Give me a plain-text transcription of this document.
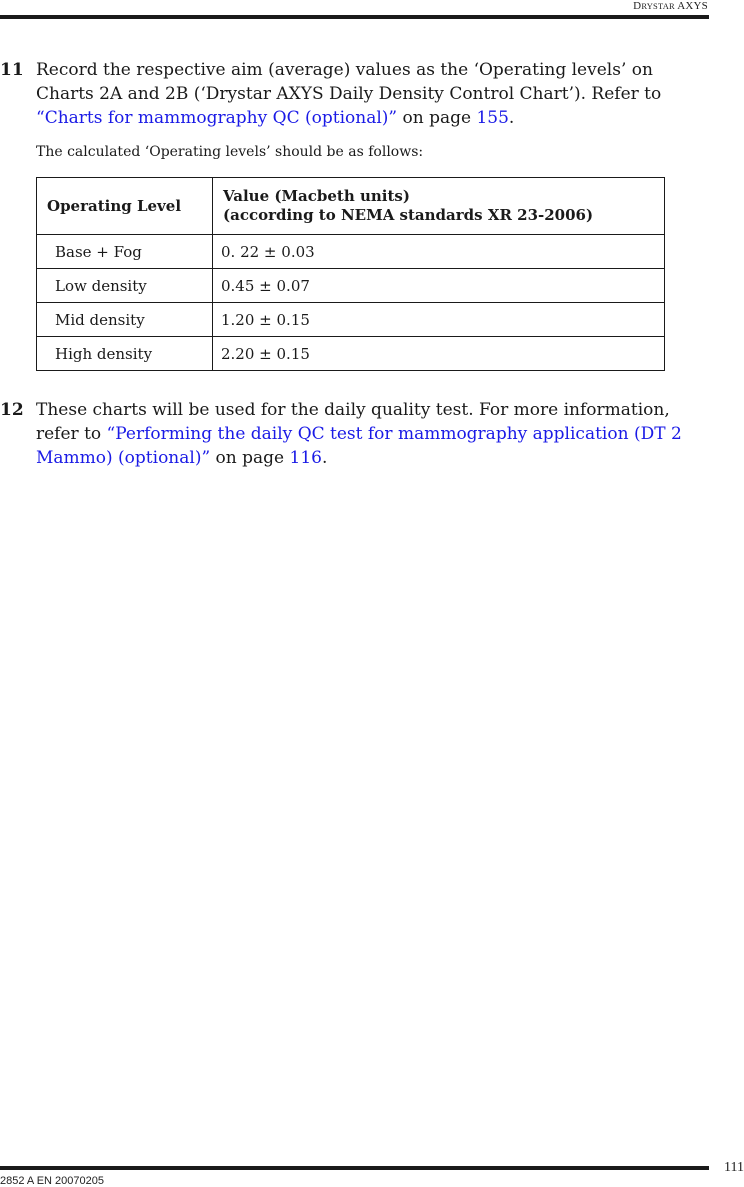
DRYSTAR AXYS
11 Record the respective aim (average) values as the ‘Operating levels’ on Charts 2A and 2B (‘Drystar AXYS Daily Density Control Chart’). Refer to “Charts for mammography QC (optional)” on page 155.
The calculated ‘Operating levels’ should be as follows:
Operating Level	Value (Macbeth units)
(according to NEMA standards XR 23-2006)
Base + Fog	0. 22 ± 0.03
Low density	0.45 ± 0.07
Mid density	1.20 ± 0.15
High density	2.20 ± 0.15
12 These charts will be used for the daily quality test. For more information, refer to “Performing the daily QC test for mammography application (DT 2 Mammo) (optional)” on page 116.
2852 A EN 20070205
111
